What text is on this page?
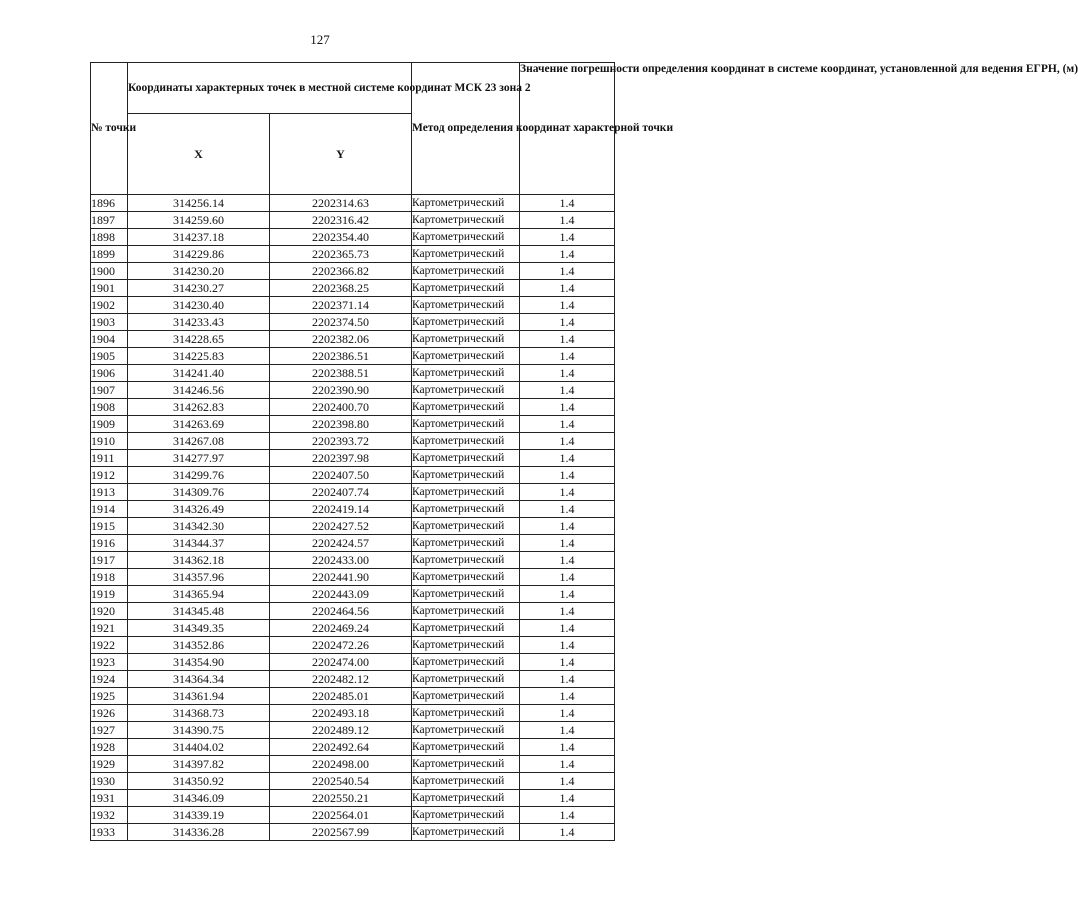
127
№ точки	Координаты характерных точек в местной системе координат МСК 23 зона 2		Метод определения координат характерной точки	Значение погрешности определения координат в системе координат, установленной для ведения ЕГРН, (м)
	X	Y		
1896	314256.14	2202314.63	Картометрический	1.4
1897	314259.60	2202316.42	Картометрический	1.4
1898	314237.18	2202354.40	Картометрический	1.4
1899	314229.86	2202365.73	Картометрический	1.4
1900	314230.20	2202366.82	Картометрический	1.4
1901	314230.27	2202368.25	Картометрический	1.4
1902	314230.40	2202371.14	Картометрический	1.4
1903	314233.43	2202374.50	Картометрический	1.4
1904	314228.65	2202382.06	Картометрический	1.4
1905	314225.83	2202386.51	Картометрический	1.4
1906	314241.40	2202388.51	Картометрический	1.4
1907	314246.56	2202390.90	Картометрический	1.4
1908	314262.83	2202400.70	Картометрический	1.4
1909	314263.69	2202398.80	Картометрический	1.4
1910	314267.08	2202393.72	Картометрический	1.4
1911	314277.97	2202397.98	Картометрический	1.4
1912	314299.76	2202407.50	Картометрический	1.4
1913	314309.76	2202407.74	Картометрический	1.4
1914	314326.49	2202419.14	Картометрический	1.4
1915	314342.30	2202427.52	Картометрический	1.4
1916	314344.37	2202424.57	Картометрический	1.4
1917	314362.18	2202433.00	Картометрический	1.4
1918	314357.96	2202441.90	Картометрический	1.4
1919	314365.94	2202443.09	Картометрический	1.4
1920	314345.48	2202464.56	Картометрический	1.4
1921	314349.35	2202469.24	Картометрический	1.4
1922	314352.86	2202472.26	Картометрический	1.4
1923	314354.90	2202474.00	Картометрический	1.4
1924	314364.34	2202482.12	Картометрический	1.4
1925	314361.94	2202485.01	Картометрический	1.4
1926	314368.73	2202493.18	Картометрический	1.4
1927	314390.75	2202489.12	Картометрический	1.4
1928	314404.02	2202492.64	Картометрический	1.4
1929	314397.82	2202498.00	Картометрический	1.4
1930	314350.92	2202540.54	Картометрический	1.4
1931	314346.09	2202550.21	Картометрический	1.4
1932	314339.19	2202564.01	Картометрический	1.4
1933	314336.28	2202567.99	Картометрический	1.4
